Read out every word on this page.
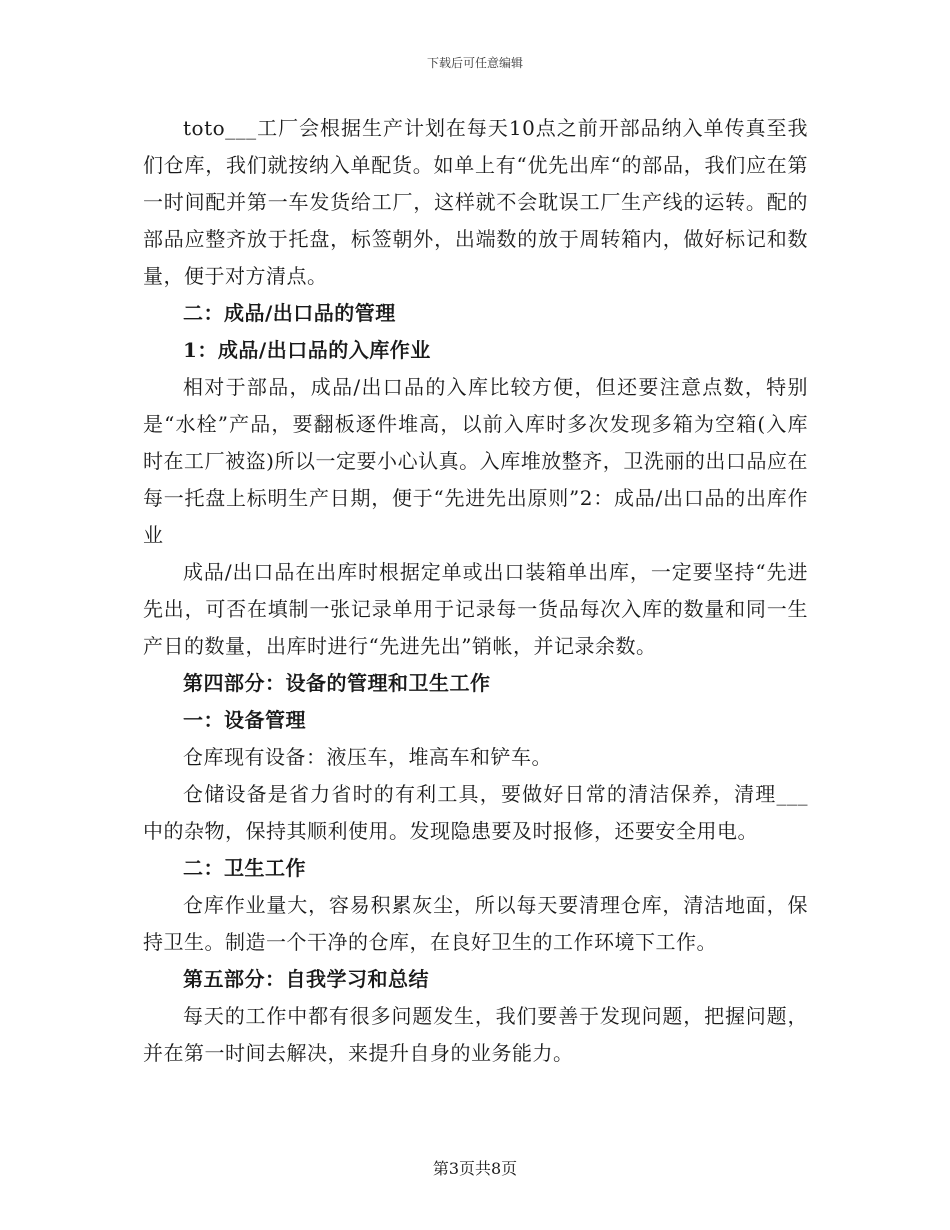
下载后可任意编辑

toto___工厂会根据生产计划在每天10点之前开部品纳入单传真至我们仓库，我们就按纳入单配货。如单上有“优先出库“的部品，我们应在第一时间配并第一车发货给工厂，这样就不会耽误工厂生产线的运转。配的部品应整齐放于托盘，标签朝外，出端数的放于周转箱内，做好标记和数量，便于对方清点。

二：成品/出口品的管理

1：成品/出口品的入库作业

相对于部品，成品/出口品的入库比较方便，但还要注意点数，特别是“水栓”产品，要翻板逐件堆高，以前入库时多次发现多箱为空箱(入库时在工厂被盗)所以一定要小心认真。入库堆放整齐，卫洗丽的出口品应在每一托盘上标明生产日期，便于“先进先出原则”2：成品/出口品的出库作业

成品/出口品在出库时根据定单或出口装箱单出库，一定要坚持“先进先出，可否在填制一张记录单用于记录每一货品每次入库的数量和同一生产日的数量，出库时进行“先进先出”销帐，并记录余数。

第四部分：设备的管理和卫生工作

一：设备管理

仓库现有设备：液压车，堆高车和铲车。

仓储设备是省力省时的有利工具，要做好日常的清洁保养，清理___中的杂物，保持其顺利使用。发现隐患要及时报修，还要安全用电。

二：卫生工作

仓库作业量大，容易积累灰尘，所以每天要清理仓库，清洁地面，保持卫生。制造一个干净的仓库，在良好卫生的工作环境下工作。

第五部分：自我学习和总结

每天的工作中都有很多问题发生，我们要善于发现问题，把握问题，并在第一时间去解决，来提升自身的业务能力。

第3页共8页
